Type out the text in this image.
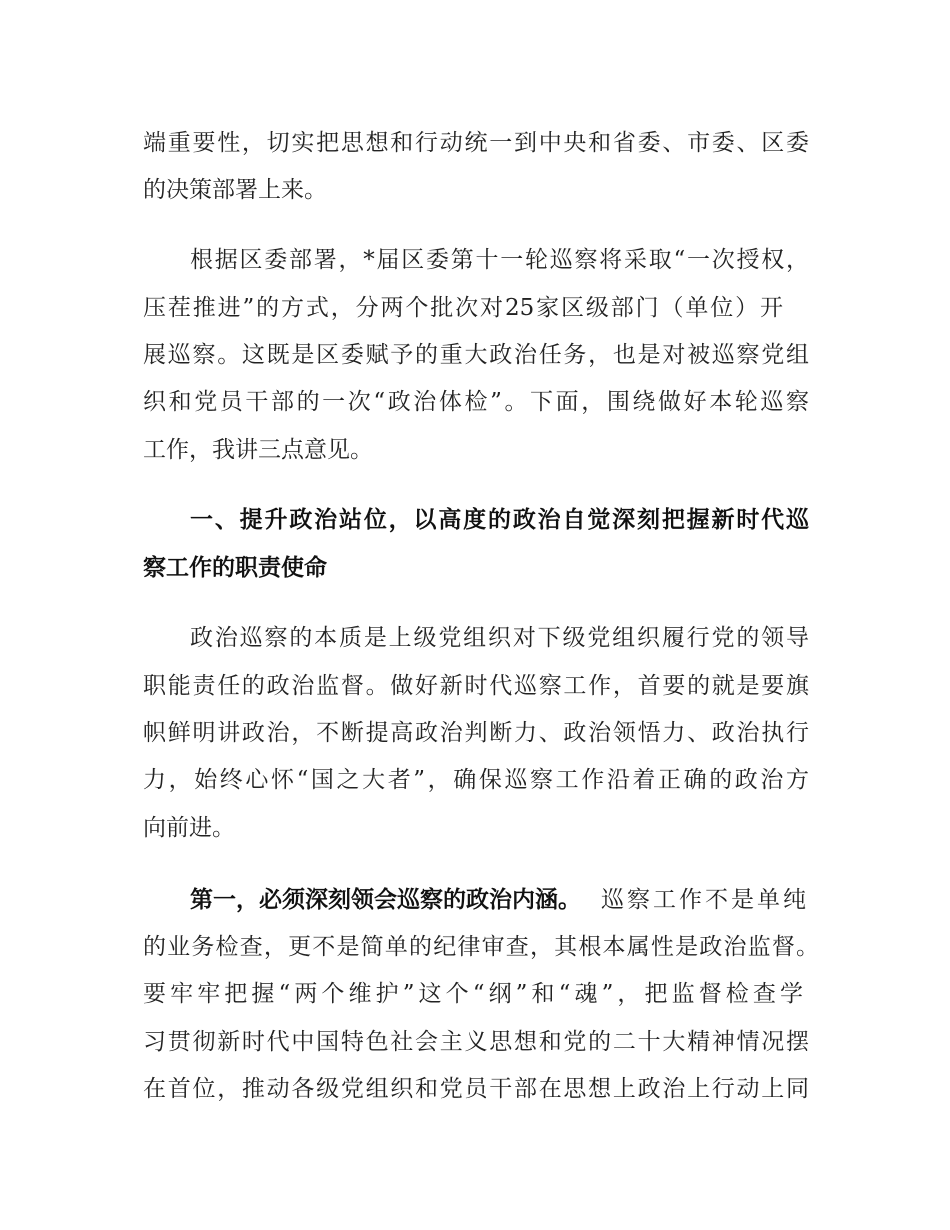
端重要性，切实把思想和行动统一到中央和省委、市委、区委
的决策部署上来。
根据区委部署，*届区委第十一轮巡察将采取“一次授权，
压茬推进”的方式，分两个批次对25家区级部门（单位）开
展巡察。这既是区委赋予的重大政治任务，也是对被巡察党组
织和党员干部的一次“政治体检”。下面，围绕做好本轮巡察
工作，我讲三点意见。
一、提升政治站位，以高度的政治自觉深刻把握新时代巡
察工作的职责使命
政治巡察的本质是上级党组织对下级党组织履行党的领导
职能责任的政治监督。做好新时代巡察工作，首要的就是要旗
帜鲜明讲政治，不断提高政治判断力、政治领悟力、政治执行
力，始终心怀“国之大者”，确保巡察工作沿着正确的政治方
向前进。
第一，必须深刻领会巡察的政治内涵。 巡察工作不是单纯
的业务检查，更不是简单的纪律审查，其根本属性是政治监督。
要牢牢把握“两个维护”这个“纲”和“魂”，把监督检查学
习贯彻新时代中国特色社会主义思想和党的二十大精神情况摆
在首位，推动各级党组织和党员干部在思想上政治上行动上同
